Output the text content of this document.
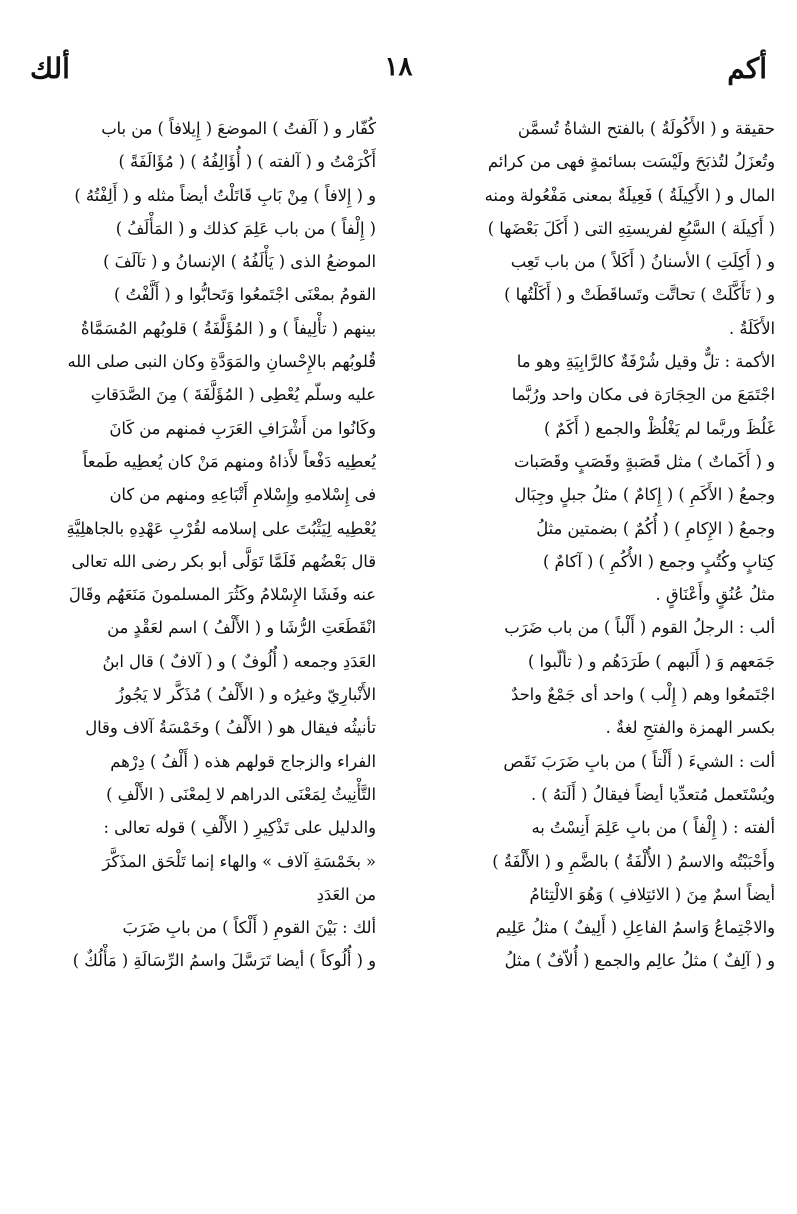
أكم
١٨
ألك
حقيقة و ( الأَكُولَةُ ) بالفتح الشاةُ تُسمَّن
وتُعزَلُ لتُذبَحَ ولَيْسَت بسائمةٍ فهى من كرائم
المال و ( الأَكِيلَةُ ) فَعِيلَةٌ بمعنى مَفْعُولة ومنه
( أَكِيلَة ) السَّبُعِ لفريستِهِ التى ( أَكَلَ بَعْضَها )
و ( أَكِلَتِ ) الأسنانُ ( أَكَلاً ) من باب تَعِب
و ( تَأَكَّلَتْ ) تحاتَّت وتَساقَطَتْ و ( أَكَلْتُها )
الأَكَلَةُ .
الأكمة : تلٌّ وقيل شُرْفَةٌ كالرَّابِيَةِ وهو ما
اجْتَمَعَ من الحِجَارَة فى مكان واحد ورُبَّما
غَلُظَ وربَّما لم يَغْلُظْ والجمع ( أَكَمٌ )
و ( أَكَماتٌ ) مثل قَصَبةٍ وقَصَبٍ وقَصَبات
وجمعُ ( الأَكَمِ ) ( إِكامٌ ) مثلُ جبلٍ وجِبَال
وجمعُ ( الإِكامِ ) ( أُكُمٌ ) بضمتين مثلُ
كِتابٍ وكُتُبٍ وجمع ( الأُكُمِ ) ( آكامٌ )
مثلُ عُنُقٍ وأَعْنَاقٍ .
ألب : الرجلُ القوم ( أَلْباً ) من باب ضَرَب
جَمَعهم وَ ( أَلَبهم ) طَرَدَهُم و ( تألّبوا )
اجْتَمعُوا وهم ( إِلْب ) واحد أى جَمْعٌ واحدٌ
بكسر الهمزة والفتحِ لغةٌ .
ألت : الشيءَ ( أَلْتاً ) من بابِ ضَرَبَ نَقَص
ويُسْتَعمل مُتعدِّيا أيضاً فيقالُ ( أَلَتهُ ) .
ألفته : ( إِلْفاً ) من بابِ عَلِمَ أَنِسْتُ به
وأَحْبَبْتُه والاسمُ ( الأُلْفَةُ ) بالضَّمِ و ( الأَلْفَةُ )
أيضاً اسمٌ مِنَ ( الائتِلافِ ) وَهُوَ الالْتِئامُ
والاجْتِماعُ وَاسمُ الفاعِلِ ( أَلِيفٌ ) مثلُ عَلِيم
و ( آلِفٌ ) مثلُ عالِم والجمع ( أُلاّفٌ ) مثلُ
كُفّار و ( آلَفتُ ) الموضعَ ( إِيلافاً ) من باب
أَكْرَمْتُ و ( آلفته ) ( أُؤَالِفُهُ ) ( مُؤَالَفَةً )
و ( إِلافاً ) مِنْ بَابِ قَاتَلْتُ أيضاً مثله و ( أَلِفْتُهُ )
( إِلْفاً ) من باب عَلِمَ كذلك و ( المَأْلَفُ )
الموضعُ الذى ( يَأْلَفُهُ ) الإنسانُ و ( تآلَفَ )
القومُ بمعْنَى اجْتَمعُوا وَتَحابُّوا و ( أَلَّفْتُ )
بينهم ( تأْلِيفاً ) و ( المُؤَلَّفَةُ ) قلوبُهم المُسَمَّاةُ
قُلوبُهم بالإِحْسانِ والمَوَدَّةِ وكان النبى صلى الله
عليه وسلّم يُعْطِى ( المُؤَلَّفَةَ ) مِنَ الصَّدَقاتِ
وكَانُوا من أَشْرَافِ العَرَبِ فمنهم من كَانَ
يُعطِيه دَفْعاً لأَذاهُ ومنهم مَنْ كان يُعطِيه طَمعاً
فى إِسْلامهِ وإِسْلامِ أَتْبَاعِهِ ومنهم من كان
يُعْطِيه لِيَثْبُتَ على إسلامه لقُرْبِ عَهْدِهِ بالجاهلِيَّةِ
قال بَعْضُهم فَلَمَّا تَوَلَّى أبو بكر رضى الله تعالى
عنه وفَشَا الإِسْلامُ وكَثُرَ المسلمونَ مَنَعَهُم وقَالَ
انْقَطَعَتِ الرُّشَا و ( الأَلْفُ ) اسم لعَقْدٍ من
العَدَدِ وجمعه ( أُلُوفٌ ) و ( آلافٌ ) قال ابنُ
الأَنْبارِيّ وغيرُه و ( الأَلْفُ ) مُذَكَّر لا يَجُوزُ
تأنيثُه فيقال هو ( الأَلْفُ ) وخَمْسَةُ آلاف وقال
الفراء والزجاج قولهم هذه ( أَلْفُ ) دِرْهم
التَّأْنِيثُ لِمَعْنَى الدراهم لا لِمعْنَى ( الأَلْفِ )
والدليل على تَذْكِيرِ ( الأَلْفِ ) قوله تعالى :
« بخَمْسَةِ آلاف » والهاء إنما تَلْحَق المذَكَّرَ
من العَدَدِ
ألك : بَيْنَ القومِ ( أَلْكاً ) من بابِ ضَرَبَ
و ( أُلُوكاً ) أيضا تَرَسَّلَ واسمُ الرِّسَالَةِ ( مَأْلُكٌ )
